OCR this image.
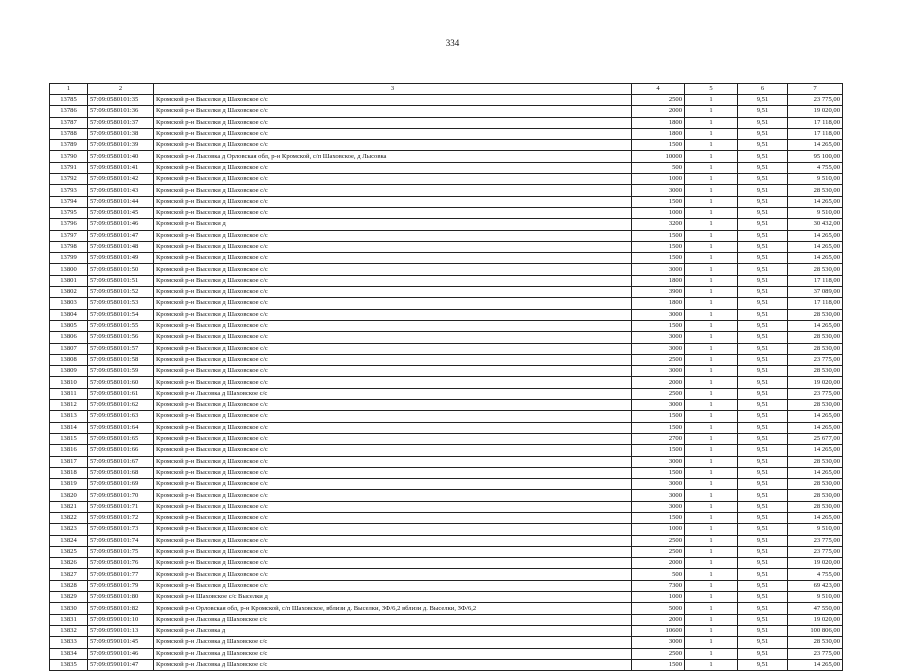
334
1	2	3	4	5	6	7
13785	57:09:0580101:35	Кромской р-н Выселки д Шаховское с/с	2500	1	9,51	23 775,00
13786	57:09:0580101:36	Кромской р-н Выселки д Шаховское с/с	2000	1	9,51	19 020,00
13787	57:09:0580101:37	Кромской р-н Выселки д Шаховское с/с	1800	1	9,51	17 118,00
13788	57:09:0580101:38	Кромской р-н Выселки д Шаховское с/с	1800	1	9,51	17 118,00
13789	57:09:0580101:39	Кромской р-н Выселки д Шаховское с/с	1500	1	9,51	14 265,00
13790	57:09:0580101:40	Кромской р-н Лысовка д Орловская обл, р-н Кромской, с/п Шаховское, д Лысовка	10000	1	9,51	95 100,00
13791	57:09:0580101:41	Кромской р-н Выселки д Шаховское с/с	500	1	9,51	4 755,00
13792	57:09:0580101:42	Кромской р-н Выселки д Шаховское с/с	1000	1	9,51	9 510,00
13793	57:09:0580101:43	Кромской р-н Выселки д Шаховское с/с	3000	1	9,51	28 530,00
13794	57:09:0580101:44	Кромской р-н Выселки д Шаховское с/с	1500	1	9,51	14 265,00
13795	57:09:0580101:45	Кромской р-н Выселки д Шаховское с/с	1000	1	9,51	9 510,00
13796	57:09:0580101:46	Кромской р-н Выселки д	3200	1	9,51	30 432,00
13797	57:09:0580101:47	Кромской р-н Выселки д Шаховское с/с	1500	1	9,51	14 265,00
13798	57:09:0580101:48	Кромской р-н Выселки д Шаховское с/с	1500	1	9,51	14 265,00
13799	57:09:0580101:49	Кромской р-н Выселки д Шаховское с/с	1500	1	9,51	14 265,00
13800	57:09:0580101:50	Кромской р-н Выселки д Шаховское с/с	3000	1	9,51	28 530,00
13801	57:09:0580101:51	Кромской р-н Выселки д Шаховское с/с	1800	1	9,51	17 118,00
13802	57:09:0580101:52	Кромской р-н Выселки д Шаховское с/с	3900	1	9,51	37 089,00
13803	57:09:0580101:53	Кромской р-н Выселки д Шаховское с/с	1800	1	9,51	17 118,00
13804	57:09:0580101:54	Кромской р-н Выселки д Шаховское с/с	3000	1	9,51	28 530,00
13805	57:09:0580101:55	Кромской р-н Выселки д Шаховское с/с	1500	1	9,51	14 265,00
13806	57:09:0580101:56	Кромской р-н Выселки д Шаховское с/с	3000	1	9,51	28 530,00
13807	57:09:0580101:57	Кромской р-н Выселки д Шаховское с/с	3000	1	9,51	28 530,00
13808	57:09:0580101:58	Кромской р-н Выселки д Шаховское с/с	2500	1	9,51	23 775,00
13809	57:09:0580101:59	Кромской р-н Выселки д Шаховское с/с	3000	1	9,51	28 530,00
13810	57:09:0580101:60	Кромской р-н Выселки д Шаховское с/с	2000	1	9,51	19 020,00
13811	57:09:0580101:61	Кромской р-н Лысовка д Шаховское с/с	2500	1	9,51	23 775,00
13812	57:09:0580101:62	Кромской р-н Выселки д Шаховское с/с	3000	1	9,51	28 530,00
13813	57:09:0580101:63	Кромской р-н Выселки д Шаховское с/с	1500	1	9,51	14 265,00
13814	57:09:0580101:64	Кромской р-н Выселки д Шаховское с/с	1500	1	9,51	14 265,00
13815	57:09:0580101:65	Кромской р-н Выселки д Шаховское с/с	2700	1	9,51	25 677,00
13816	57:09:0580101:66	Кромской р-н Выселки д Шаховское с/с	1500	1	9,51	14 265,00
13817	57:09:0580101:67	Кромской р-н Выселки д Шаховское с/с	3000	1	9,51	28 530,00
13818	57:09:0580101:68	Кромской р-н Выселки д Шаховское с/с	1500	1	9,51	14 265,00
13819	57:09:0580101:69	Кромской р-н Выселки д Шаховское с/с	3000	1	9,51	28 530,00
13820	57:09:0580101:70	Кромской р-н Выселки д Шаховское с/с	3000	1	9,51	28 530,00
13821	57:09:0580101:71	Кромской р-н Выселки д Шаховское с/с	3000	1	9,51	28 530,00
13822	57:09:0580101:72	Кромской р-н Выселки д Шаховское с/с	1500	1	9,51	14 265,00
13823	57:09:0580101:73	Кромской р-н Выселки д Шаховское с/с	1000	1	9,51	9 510,00
13824	57:09:0580101:74	Кромской р-н Выселки д Шаховское с/с	2500	1	9,51	23 775,00
13825	57:09:0580101:75	Кромской р-н Выселки д Шаховское с/с	2500	1	9,51	23 775,00
13826	57:09:0580101:76	Кромской р-н Выселки д Шаховское с/с	2000	1	9,51	19 020,00
13827	57:09:0580101:77	Кромской р-н Выселки д Шаховское с/с	500	1	9,51	4 755,00
13828	57:09:0580101:79	Кромской р-н Выселки д Шаховское с/с	7300	1	9,51	69 423,00
13829	57:09:0580101:80	Кромской р-н Шаховское с/с Выселки д	1000	1	9,51	9 510,00
13830	57:09:0580101:82	Кромской р-н Орловская обл, р-н Кромской, с/п Шаховское, вблизи д. Выселки, ЗФ/6,2 вблизи д. Выселки, ЗФ/6,2	5000	1	9,51	47 550,00
13831	57:09:0590101:10	Кромской р-н Лысовка д Шаховское с/с	2000	1	9,51	19 020,00
13832	57:09:0590101:13	Кромской р-н Лысовка д	10600	1	9,51	100 806,00
13833	57:09:0590101:45	Кромской р-н Лысовка д Шаховское с/с	3000	1	9,51	28 530,00
13834	57:09:0590101:46	Кромской р-н Лысовка д Шаховское с/с	2500	1	9,51	23 775,00
13835	57:09:0590101:47	Кромской р-н Лысовка д Шаховское с/с	1500	1	9,51	14 265,00
